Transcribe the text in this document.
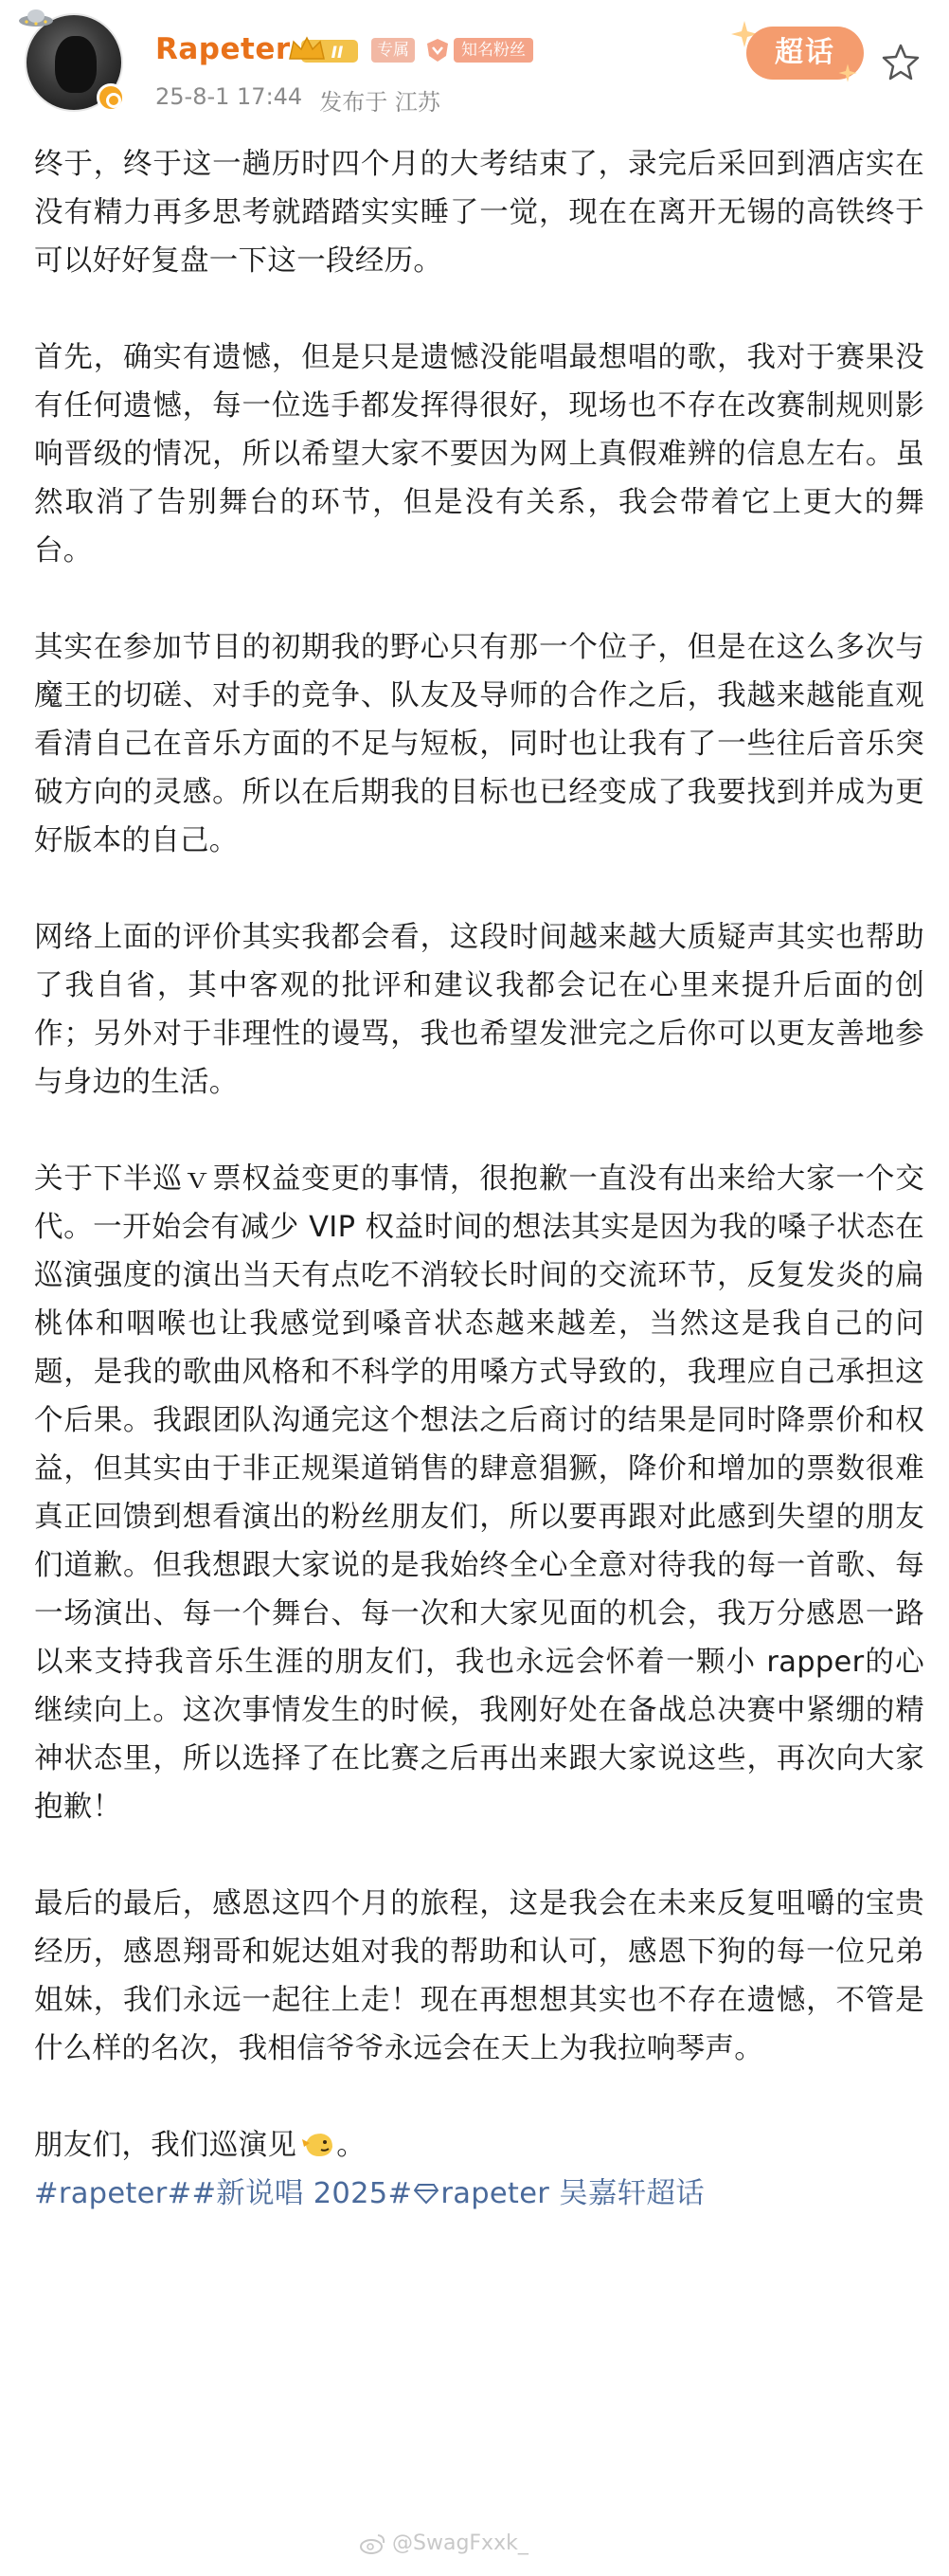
Rapeter	II	专属	知名粉丝
25-8-1 17:44 发布于 江苏
超话

终于，终于这一趟历时四个月的大考结束了，录完后采回到酒店实在没有精力再多思考就踏踏实实睡了一觉，现在在离开无锡的高铁终于可以好好复盘一下这一段经历。

首先，确实有遗憾，但是只是遗憾没能唱最想唱的歌，我对于赛果没有任何遗憾，每一位选手都发挥得很好，现场也不存在改赛制规则影响晋级的情况，所以希望大家不要因为网上真假难辨的信息左右。虽然取消了告别舞台的环节，但是没有关系，我会带着它上更大的舞台。

其实在参加节目的初期我的野心只有那一个位子，但是在这么多次与魔王的切磋、对手的竞争、队友及导师的合作之后，我越来越能直观看清自己在音乐方面的不足与短板，同时也让我有了一些往后音乐突破方向的灵感。所以在后期我的目标也已经变成了我要找到并成为更好版本的自己。

网络上面的评价其实我都会看，这段时间越来越大质疑声其实也帮助了我自省，其中客观的批评和建议我都会记在心里来提升后面的创作；另外对于非理性的谩骂，我也希望发泄完之后你可以更友善地参与身边的生活。

关于下半巡ｖ票权益变更的事情，很抱歉一直没有出来给大家一个交代。一开始会有减少 VIP 权益时间的想法其实是因为我的嗓子状态在巡演强度的演出当天有点吃不消较长时间的交流环节，反复发炎的扁桃体和咽喉也让我感觉到嗓音状态越来越差，当然这是我自己的问题，是我的歌曲风格和不科学的用嗓方式导致的，我理应自己承担这个后果。我跟团队沟通完这个想法之后商讨的结果是同时降票价和权益，但其实由于非正规渠道销售的肆意猖獗，降价和增加的票数很难真正回馈到想看演出的粉丝朋友们，所以要再跟对此感到失望的朋友们道歉。但我想跟大家说的是我始终全心全意对待我的每一首歌、每一场演出、每一个舞台、每一次和大家见面的机会，我万分感恩一路以来支持我音乐生涯的朋友们，我也永远会怀着一颗小 rapper的心继续向上。这次事情发生的时候，我刚好处在备战总决赛中紧绷的精神状态里，所以选择了在比赛之后再出来跟大家说这些，再次向大家抱歉！

最后的最后，感恩这四个月的旅程，这是我会在未来反复咀嚼的宝贵经历，感恩翔哥和妮达姐对我的帮助和认可，感恩下狗的每一位兄弟姐妹，我们永远一起往上走！现在再想想其实也不存在遗憾，不管是什么样的名次，我相信爷爷永远会在天上为我拉响琴声。

朋友们，我们巡演见 。

#rapeter##新说唱 2025# rapeter 吴嘉轩超话
@SwagFxxk_
